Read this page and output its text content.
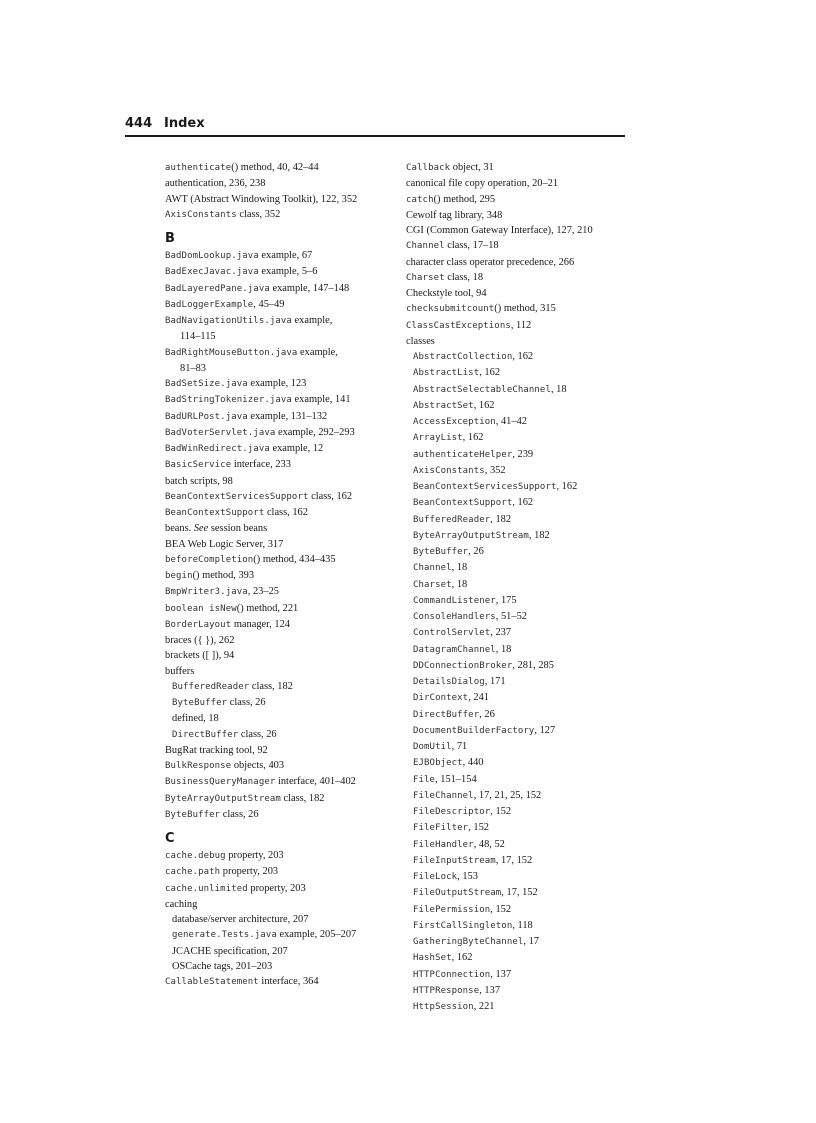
444 Index
authenticate() method, 40, 42–44
authentication, 236, 238
AWT (Abstract Windowing Toolkit), 122, 352
AxisConstants class, 352
B
BadDomLookup.java example, 67
BadExecJavac.java example, 5–6
BadLayeredPane.java example, 147–148
BadLoggerExample, 45–49
BadNavigationUtils.java example,
114–115
BadRightMouseButton.java example,
81–83
BadSetSize.java example, 123
BadStringTokenizer.java example, 141
BadURLPost.java example, 131–132
BadVoterServlet.java example, 292–293
BadWinRedirect.java example, 12
BasicService interface, 233
batch scripts, 98
BeanContextServicesSupport class, 162
BeanContextSupport class, 162
beans. See session beans
BEA Web Logic Server, 317
beforeCompletion() method, 434–435
begin() method, 393
BmpWriter3.java, 23–25
boolean isNew() method, 221
BorderLayout manager, 124
braces ({ }), 262
brackets ([ ]), 94
buffers
BufferedReader class, 182
ByteBuffer class, 26
defined, 18
DirectBuffer class, 26
BugRat tracking tool, 92
BulkResponse objects, 403
BusinessQueryManager interface, 401–402
ByteArrayOutputStream class, 182
ByteBuffer class, 26
C
cache.debug property, 203
cache.path property, 203
cache.unlimited property, 203
caching
database/server architecture, 207
generate.Tests.java example, 205–207
JCACHE specification, 207
OSCache tags, 201–203
CallableStatement interface, 364
Callback object, 31
canonical file copy operation, 20–21
catch() method, 295
Cewolf tag library, 348
CGI (Common Gateway Interface), 127, 210
Channel class, 17–18
character class operator precedence, 266
Charset class, 18
Checkstyle tool, 94
checksubmitcount() method, 315
ClassCastExceptions, 112
classes
AbstractCollection, 162
AbstractList, 162
AbstractSelectableChannel, 18
AbstractSet, 162
AccessException, 41–42
ArrayList, 162
authenticateHelper, 239
AxisConstants, 352
BeanContextServicesSupport, 162
BeanContextSupport, 162
BufferedReader, 182
ByteArrayOutputStream, 182
ByteBuffer, 26
Channel, 18
Charset, 18
CommandListener, 175
ConsoleHandlers, 51–52
ControlServlet, 237
DatagramChannel, 18
DDConnectionBroker, 281, 285
DetailsDialog, 171
DirContext, 241
DirectBuffer, 26
DocumentBuilderFactory, 127
DomUtil, 71
EJBObject, 440
File, 151–154
FileChannel, 17, 21, 25, 152
FileDescriptor, 152
FileFilter, 152
FileHandler, 48, 52
FileInputStream, 17, 152
FileLock, 153
FileOutputStream, 17, 152
FilePermission, 152
FirstCallSingleton, 118
GatheringByteChannel, 17
HashSet, 162
HTTPConnection, 137
HTTPResponse, 137
HttpSession, 221
